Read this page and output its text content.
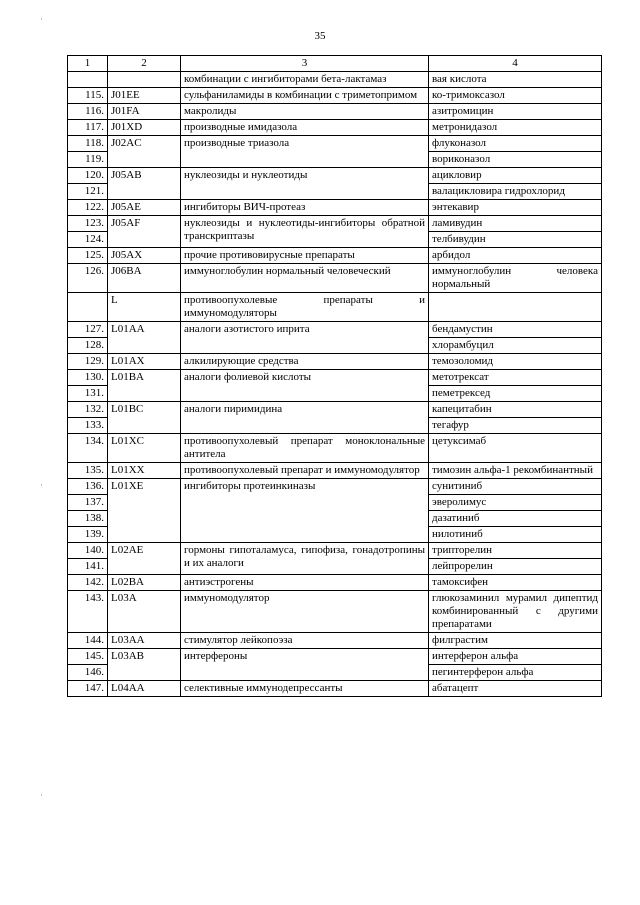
35
·
·
·
1	2	3	4
		комбинации с ингибиторами бета-лактамаз	вая кислота
115.	J01EE	сульфаниламиды в комбинации с триметопримом	ко-тримоксазол
116.	J01FA	макролиды	азитромицин
117.	J01XD	производные имидазола	метронидазол
118.	J02AC	производные триазола	флуконазол
119.			вориконазол
120.	J05AB	нуклеозиды и нуклеотиды	ацикловир
121.			валацикловира гидрохлорид
122.	J05AE	ингибиторы ВИЧ-протеаз	энтекавир
123.	J05AF	нуклеозиды и нуклеотиды-ингибиторы обратной транскриптазы	ламивудин
124.			телбивудин
125.	J05AX	прочие противовирусные препараты	арбидол
126.	J06BA	иммуноглобулин нормальный человеческий	иммуноглобулин человека нормальный
	L	противоопухолевые препараты и иммуномодуляторы	
127.	L01AA	аналоги азотистого иприта	бендамустин
128.			хлорамбуцил
129.	L01AX	алкилирующие средства	темозоломид
130.	L01BA	аналоги фолиевой кислоты	метотрексат
131.			пеметрексед
132.	L01BC	аналоги пиримидина	капецитабин
133.			тегафур
134.	L01XC	противоопухолевый препарат моноклональные антитела	цетуксимаб
135.	L01XX	противоопухолевый препарат и иммуномодулятор	тимозин альфа-1 рекомбинантный
136.	L01XE	ингибиторы протеинкиназы	сунитиниб
137.			эверолимус
138.			дазатиниб
139.			нилотиниб
140.	L02AE	гормоны гипоталамуса, гипофиза, гонадотропины и их аналоги	трипторелин
141.			лейпрорелин
142.	L02BA	антиэстрогены	тамоксифен
143.	L03A	иммуномодулятор	глюкозаминил мурамил дипептид комбинированный с другими препаратами
144.	L03AA	стимулятор лейкопоэза	филграстим
145.	L03AB	интерфероны	интерферон альфа
146.			пегинтерферон альфа
147.	L04AA	селективные иммунодепрессанты	абатацепт
